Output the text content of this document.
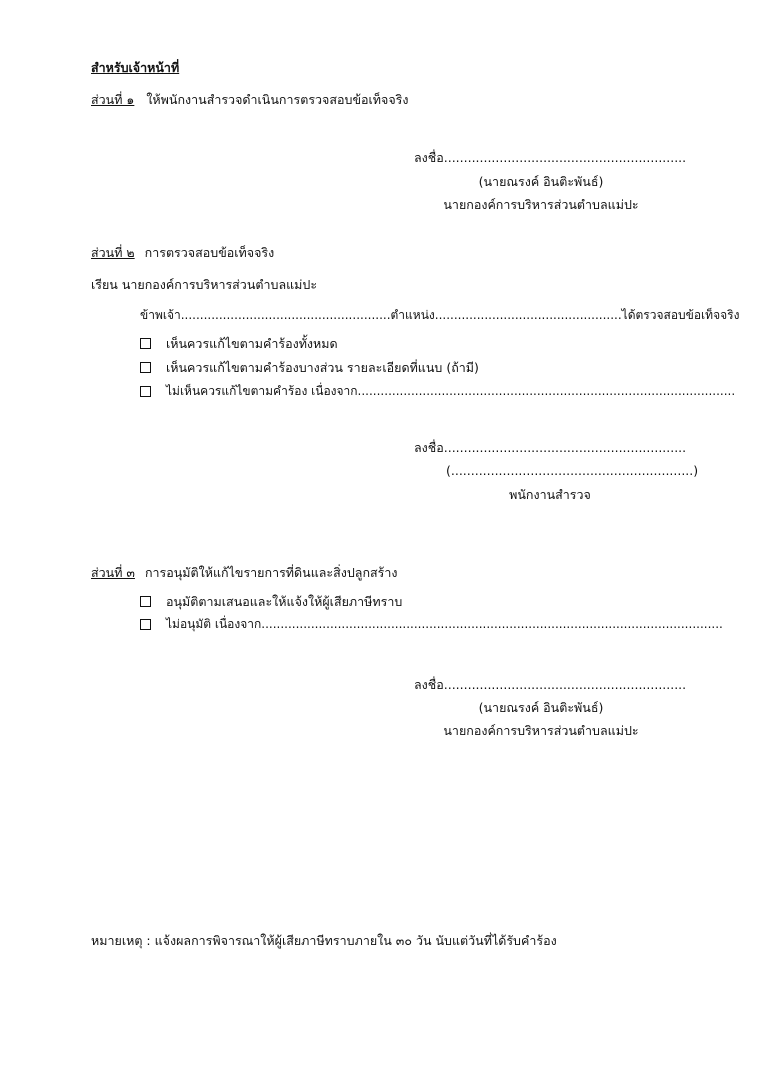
สำหรับเจ้าหน้าที่
ส่วนที่ ๑ ให้พนักงานสำรวจดำเนินการตรวจสอบข้อเท็จจริง
ลงชื่อ.............................................................
(นายณรงค์ อินติะพันธ์)
นายกองค์การบริหารส่วนตำบลแม่ปะ
ส่วนที่ ๒ การตรวจสอบข้อเท็จจริง
เรียน นายกองค์การบริหารส่วนตำบลแม่ปะ
ข้าพเจ้า.......................................................ตำแหน่ง.................................................ได้ตรวจสอบข้อเท็จจริง
เห็นควรแก้ไขตามคำร้องทั้งหมด
เห็นควรแก้ไขตามคำร้องบางส่วน รายละเอียดที่แนบ (ถ้ามี)
ไม่เห็นควรแก้ไขตามคำร้อง เนื่องจาก...................................................................................................
ลงชื่อ.............................................................
(.............................................................)
พนักงานสำรวจ
ส่วนที่ ๓ การอนุมัติให้แก้ไขรายการที่ดินและสิ่งปลูกสร้าง
อนุมัติตามเสนอและให้แจ้งให้ผู้เสียภาษีทราบ
ไม่อนุมัติ เนื่องจาก.........................................................................................................................
ลงชื่อ.............................................................
(นายณรงค์ อินติะพันธ์)
นายกองค์การบริหารส่วนตำบลแม่ปะ
หมายเหตุ : แจ้งผลการพิจารณาให้ผู้เสียภาษีทราบภายใน ๓๐ วัน นับแต่วันที่ได้รับคำร้อง
